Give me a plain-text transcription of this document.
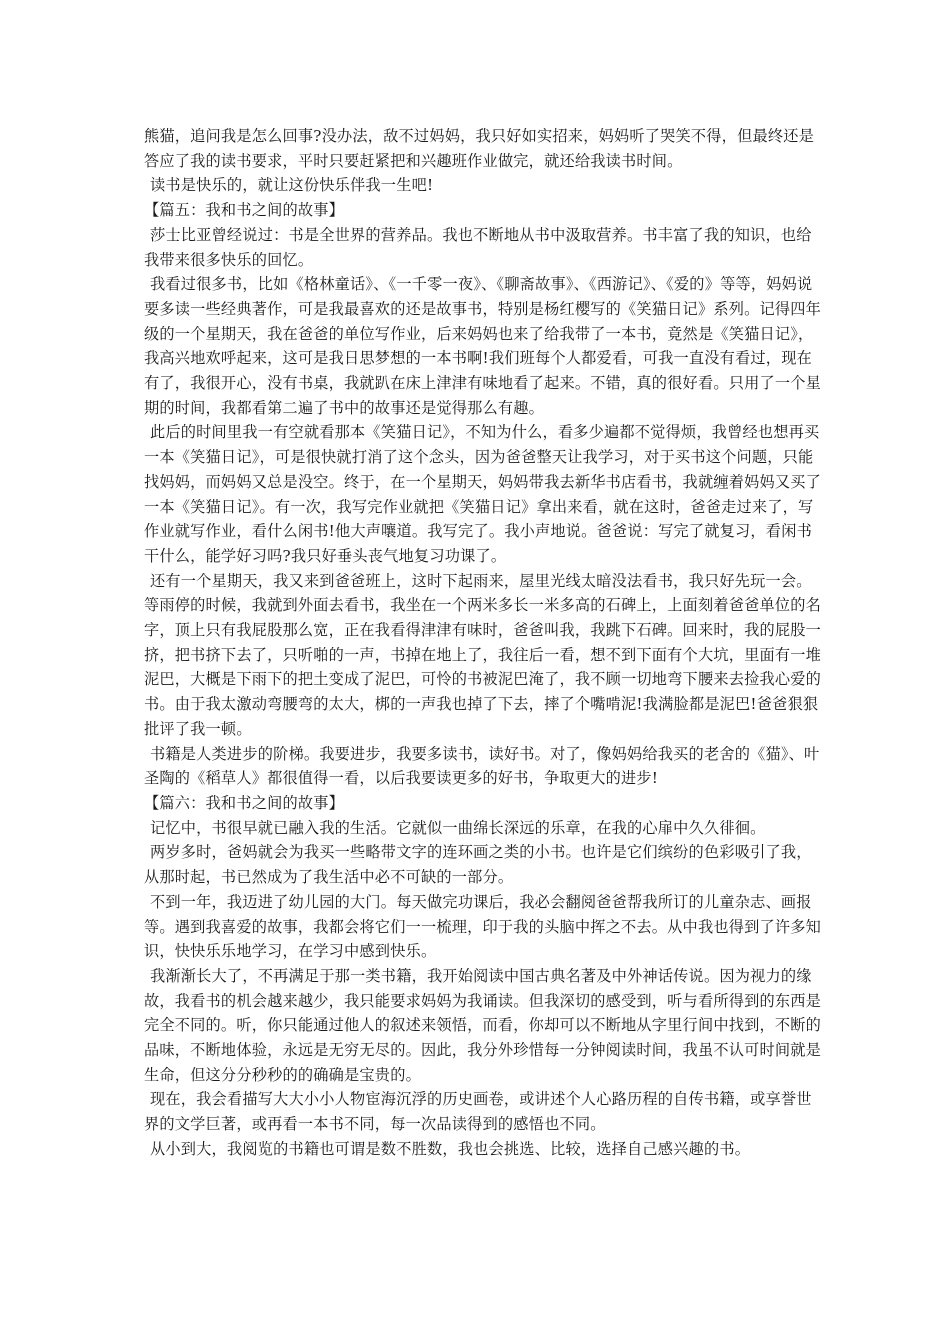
熊猫，追问我是怎么回事?没办法，敌不过妈妈，我只好如实招来，妈妈听了哭笑不得，但最终还是答应了我的读书要求，平时只要赶紧把和兴趣班作业做完，就还给我读书时间。

读书是快乐的，就让这份快乐伴我一生吧!

【篇五：我和书之间的故事】

莎士比亚曾经说过：书是全世界的营养品。我也不断地从书中汲取营养。书丰富了我的知识，也给我带来很多快乐的回忆。

我看过很多书，比如《格林童话》、《一千零一夜》、《聊斋故事》、《西游记》、《爱的》等等，妈妈说要多读一些经典著作，可是我最喜欢的还是故事书，特别是杨红樱写的《笑猫日记》系列。记得四年级的一个星期天，我在爸爸的单位写作业，后来妈妈也来了给我带了一本书，竟然是《笑猫日记》，我高兴地欢呼起来，这可是我日思梦想的一本书啊!我们班每个人都爱看，可我一直没有看过，现在有了，我很开心，没有书桌，我就趴在床上津津有味地看了起来。不错，真的很好看。只用了一个星期的时间，我都看第二遍了书中的故事还是觉得那么有趣。

此后的时间里我一有空就看那本《笑猫日记》，不知为什么，看多少遍都不觉得烦，我曾经也想再买一本《笑猫日记》，可是很快就打消了这个念头，因为爸爸整天让我学习，对于买书这个问题，只能找妈妈，而妈妈又总是没空。终于，在一个星期天，妈妈带我去新华书店看书，我就缠着妈妈又买了一本《笑猫日记》。有一次，我写完作业就把《笑猫日记》拿出来看，就在这时，爸爸走过来了，写作业就写作业，看什么闲书!他大声嚷道。我写完了。我小声地说。爸爸说：写完了就复习，看闲书干什么，能学好习吗?我只好垂头丧气地复习功课了。

还有一个星期天，我又来到爸爸班上，这时下起雨来，屋里光线太暗没法看书，我只好先玩一会。等雨停的时候，我就到外面去看书，我坐在一个两米多长一米多高的石碑上，上面刻着爸爸单位的名字，顶上只有我屁股那么宽，正在我看得津津有味时，爸爸叫我，我跳下石碑。回来时，我的屁股一挤，把书挤下去了，只听啪的一声，书掉在地上了，我往后一看，想不到下面有个大坑，里面有一堆泥巴，大概是下雨下的把土变成了泥巴，可怜的书被泥巴淹了，我不顾一切地弯下腰来去捡我心爱的书。由于我太激动弯腰弯的太大，梆的一声我也掉了下去，摔了个嘴啃泥!我满脸都是泥巴!爸爸狠狠批评了我一顿。

书籍是人类进步的阶梯。我要进步，我要多读书，读好书。对了，像妈妈给我买的老舍的《猫》、叶圣陶的《稻草人》都很值得一看，以后我要读更多的好书，争取更大的进步!

【篇六：我和书之间的故事】

记忆中，书很早就已融入我的生活。它就似一曲绵长深远的乐章，在我的心扉中久久徘徊。

两岁多时，爸妈就会为我买一些略带文字的连环画之类的小书。也许是它们缤纷的色彩吸引了我，从那时起，书已然成为了我生活中必不可缺的一部分。

不到一年，我迈进了幼儿园的大门。每天做完功课后，我必会翻阅爸爸帮我所订的儿童杂志、画报等。遇到我喜爱的故事，我都会将它们一一梳理，印于我的头脑中挥之不去。从中我也得到了许多知识，快快乐乐地学习，在学习中感到快乐。

我渐渐长大了，不再满足于那一类书籍，我开始阅读中国古典名著及中外神话传说。因为视力的缘故，我看书的机会越来越少，我只能要求妈妈为我诵读。但我深切的感受到，听与看所得到的东西是完全不同的。听，你只能通过他人的叙述来领悟，而看，你却可以不断地从字里行间中找到，不断的品味，不断地体验，永远是无穷无尽的。因此，我分外珍惜每一分钟阅读时间，我虽不认可时间就是生命，但这分分秒秒的的确确是宝贵的。

现在，我会看描写大大小小人物宦海沉浮的历史画卷，或讲述个人心路历程的自传书籍，或享誉世界的文学巨著，或再看一本书不同，每一次品读得到的感悟也不同。

从小到大，我阅览的书籍也可谓是数不胜数，我也会挑选、比较，选择自己感兴趣的书。
